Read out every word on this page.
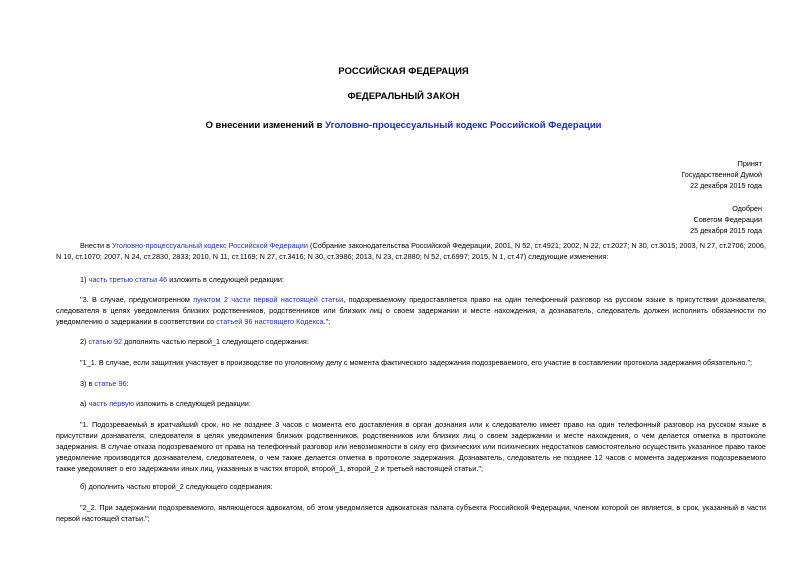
РОССИЙСКАЯ ФЕДЕРАЦИЯ
ФЕДЕРАЛЬНЫЙ ЗАКОН
О внесении изменений в Уголовно-процессуальный кодекс Российской Федерации
Принят
Государственной Думой
22 декабря 2015 года
Одобрен
Советом Федерации
25 декабря 2015 года
Внести в Уголовно-процессуальный кодекс Российской Федерации (Собрание законодательства Российской Федерации, 2001, N 52, ст.4921; 2002, N 22, ст.2027; N 30, ст.3015; 2003, N 27, ст.2706; 2006, N 10, ст.1070; 2007, N 24, ст.2830, 2833; 2010, N 11, ст.1169; N 27, ст.3416; N 30, ст.3986; 2013, N 23, ст.2880; N 52, ст.6997; 2015, N 1, ст.47) следующие изменения:
1) часть третью статьи 46 изложить в следующей редакции:
"3. В случае, предусмотренном пунктом 2 части первой настоящей статьи, подозреваемому предоставляется право на один телефонный разговор на русском языке в присутствии дознавателя, следователя в целях уведомления близких родственников, родственников или близких лиц о своем задержании и месте нахождения, а дознаватель, следователь должен исполнить обязанности по уведомлению о задержании в соответствии со статьей 96 настоящего Кодекса.";
2) статью 92 дополнить частью первой_1 следующего содержания:
"1_1. В случае, если защитник участвует в производстве по уголовному делу с момента фактического задержания подозреваемого, его участие в составлении протокола задержания обязательно.";
3) в статье 96:
а) часть первую изложить в следующей редакции:
"1. Подозреваемый в кратчайший срок, но не позднее 3 часов с момента его доставления в орган дознания или к следователю имеет право на один телефонный разговор на русском языке в присутствии дознавателя, следователя в целях уведомления близких родственников, родственников или близких лиц о своем задержании и месте нахождения, о чем делается отметка в протоколе задержания. В случае отказа подозреваемого от права на телефонный разговор или невозможности в силу его физических или психических недостатков самостоятельно осуществить указанное право такое уведомление производится дознавателем, следователем, о чем также делается отметка в протоколе задержания. Дознаватель, следователь не позднее 12 часов с момента задержания подозреваемого также уведомляет о его задержании иных лиц, указанных в частях второй, второй_1, второй_2 и третьей настоящей статьи.";
б) дополнить частью второй_2 следующего содержания:
"2_2. При задержании подозреваемого, являющегося адвокатом, об этом уведомляется адвокатская палата субъекта Российской Федерации, членом которой он является, в срок, указанный в части первой настоящей статьи.";
